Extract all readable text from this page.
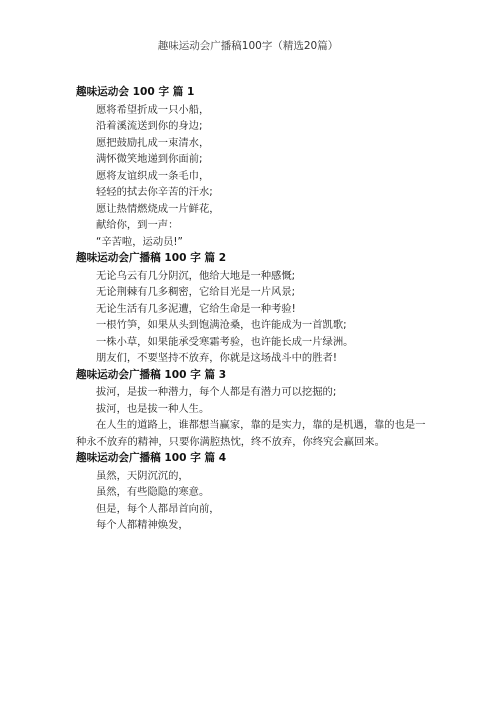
趣味运动会广播稿100字（精选20篇）
趣味运动会 100 字 篇 1
愿将希望折成一只小船，
沿着溪流送到你的身边;
愿把鼓励扎成一束清水，
满怀微笑地递到你面前;
愿将友谊织成一条毛巾，
轻轻的拭去你辛苦的汗水;
愿让热情燃烧成一片鲜花，
献给你，到一声：
“辛苦啦，运动员!”
趣味运动会广播稿 100 字 篇 2
无论乌云有几分阴沉，他给大地是一种感慨;
无论荆棘有几多稠密，它给目光是一片风景;
无论生活有几多泥遭，它给生命是一种考验!
一根竹笋，如果从头到饱满沧桑，也许能成为一首凯歌;
一株小草，如果能承受寒霜考验，也许能长成一片绿洲。
朋友们，不要坚持不放弃，你就是这场战斗中的胜者!
趣味运动会广播稿 100 字 篇 3
拔河，是拔一种潜力，每个人都是有潜力可以挖掘的;
拔河，也是拔一种人生。
在人生的道路上，谁都想当赢家，靠的是实力，靠的是机遇，靠的也是一种永不放弃的精神，只要你满腔热忱，终不放弃，你终究会赢回来。
趣味运动会广播稿 100 字 篇 4
虽然，天阴沉沉的，
虽然，有些隐隐的寒意。
但是，每个人都昂首向前，
每个人都精神焕发，
